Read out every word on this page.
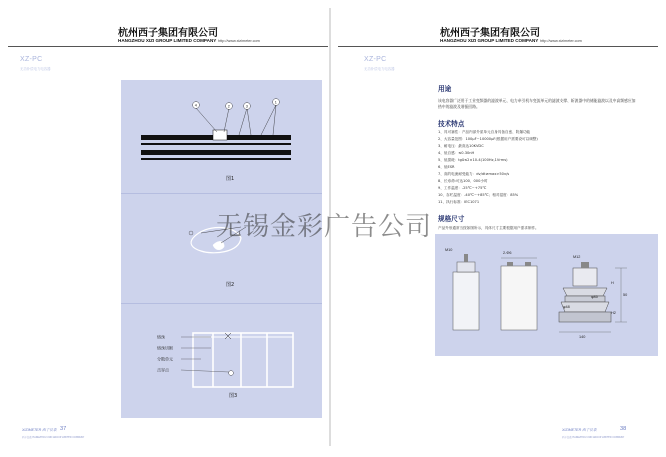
杭州西子集团有限公司
HANGZHOU XIZI GROUP LIMITED COMPANY http://www.xizimeter.com
XZ-PC
无功补偿电力电容器
4	2	3
1
图1
图2
熔丝
熔丝切断
分散单元
击穿点
图3
XIZIMETER 西子仪表 37
西子仪表 HANGZHOU XIZI GROUP LIMITED COMPANY
杭州西子集团有限公司
HANGZHOU XIZI GROUP LIMITED COMPANY http://www.xizimeter.com
XZ-PC
无功补偿电力电容器
用途
该电容器广泛用于工业变频器的滤波单元、电力牵引机车变流单元的滤波支撑、斩波器中的储能滤波以及中高频感应加热中的滤波及谐振回路。
技术特点
1、具可塞性：产品内部介质单元自身具备自愈、防爆功能
2、大容量范围：100μF~10000μF(根据用户需要设可以调整)
3、耐电压：最高达10KVDC
4、低自感：≤0.30nH
5、低损耗：tgδ≤2×10-4(100Hz,1Vrms)
6、低ESR
7、高的电流耐受能力：dv/dt≥max>50v/s
8、长寿命:可达100、000小时
9、工作温度：-25℃~+75℃
10、存贮温度：-40℃~+85℃；相对湿度：85%
11、执行标准：IEC1071
规格尺寸
产品外形通常当按如图所示，具体尺寸主要根据用户需求制作。
M10
2-Φ6
M12
φ85
φ48
140
50
H
H2
XIZIMETER 西子仪表	38
西子仪表 HANGZHOU XIZI GROUP LIMITED COMPANY
无锡金彩广告公司
